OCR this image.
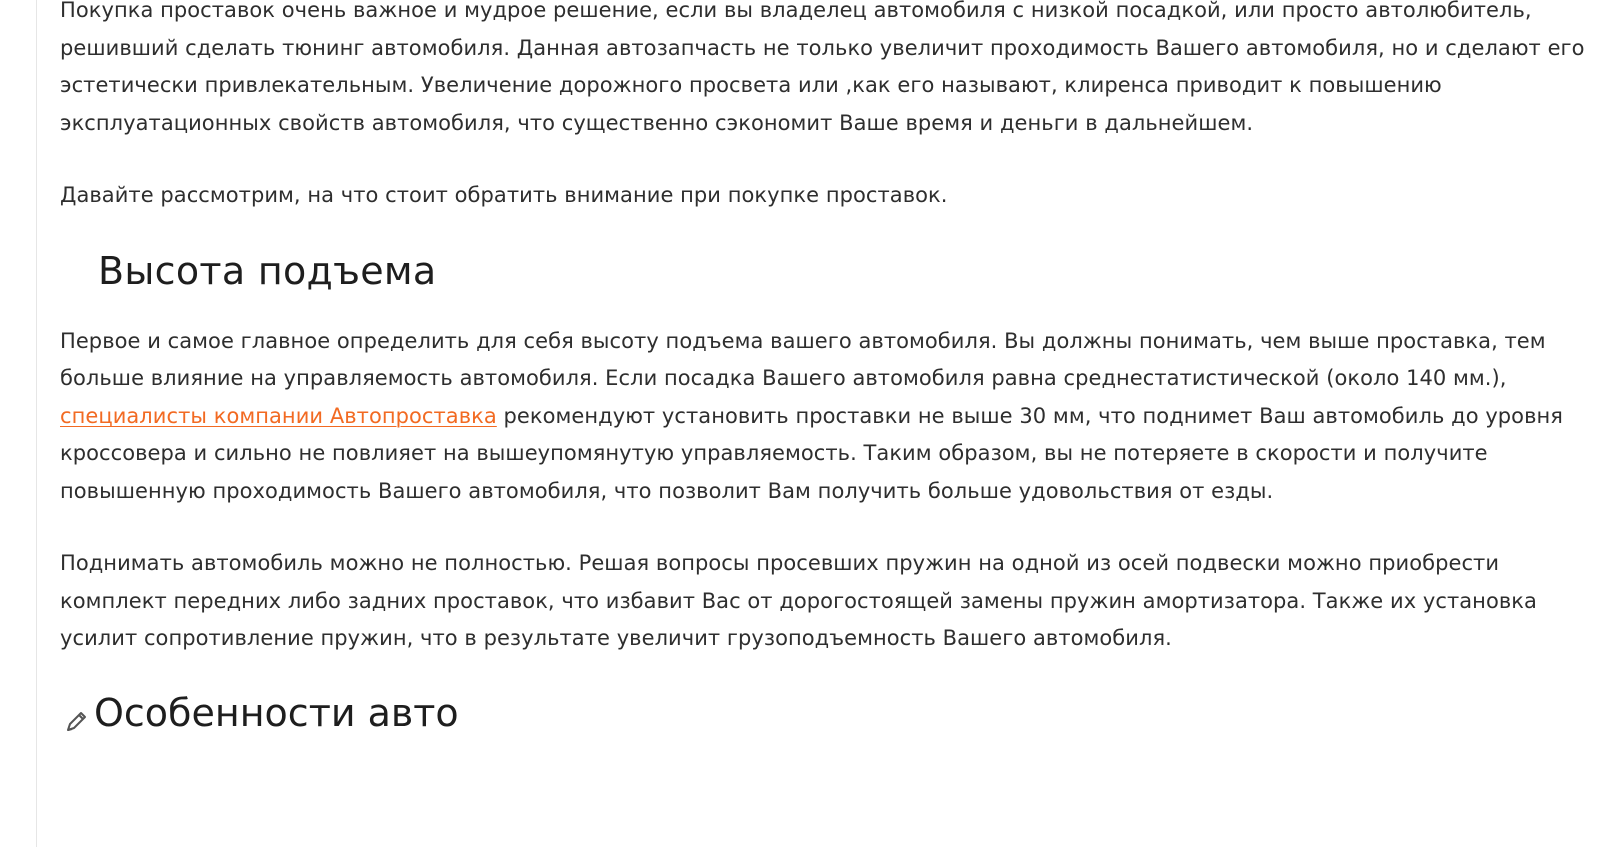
Покупка проставок очень важное и мудрое решение, если вы владелец автомобиля с низкой посадкой, или просто автолюбитель, решивший сделать тюнинг автомобиля. Данная автозапчасть не только увеличит проходимость Вашего автомобиля, но и сделают его эстетически привлекательным. Увеличение дорожного просвета или ,как его называют, клиренса приводит к повышению эксплуатационных свойств автомобиля, что существенно сэкономит Ваше время и деньги в дальнейшем.

Давайте рассмотрим, на что стоит обратить внимание при покупке проставок.

Высота подъема

Первое и самое главное определить для себя высоту подъема вашего автомобиля. Вы должны понимать, чем выше проставка, тем больше влияние на управляемость автомобиля. Если посадка Вашего автомобиля равна среднестатистической (около 140 мм.), специалисты компании Автопроставка рекомендуют установить проставки не выше 30 мм, что поднимет Ваш автомобиль до уровня кроссовера и сильно не повлияет на вышеупомянутую управляемость. Таким образом, вы не потеряете в скорости и получите повышенную проходимость Вашего автомобиля, что позволит Вам получить больше удовольствия от езды.

Поднимать автомобиль можно не полностью. Решая вопросы просевших пружин на одной из осей подвески можно приобрести комплект передних либо задних проставок, что избавит Вас от дорогостоящей замены пружин амортизатора. Также их установка усилит сопротивление пружин, что в результате увеличит грузоподъемность Вашего автомобиля.

Особенности авто
